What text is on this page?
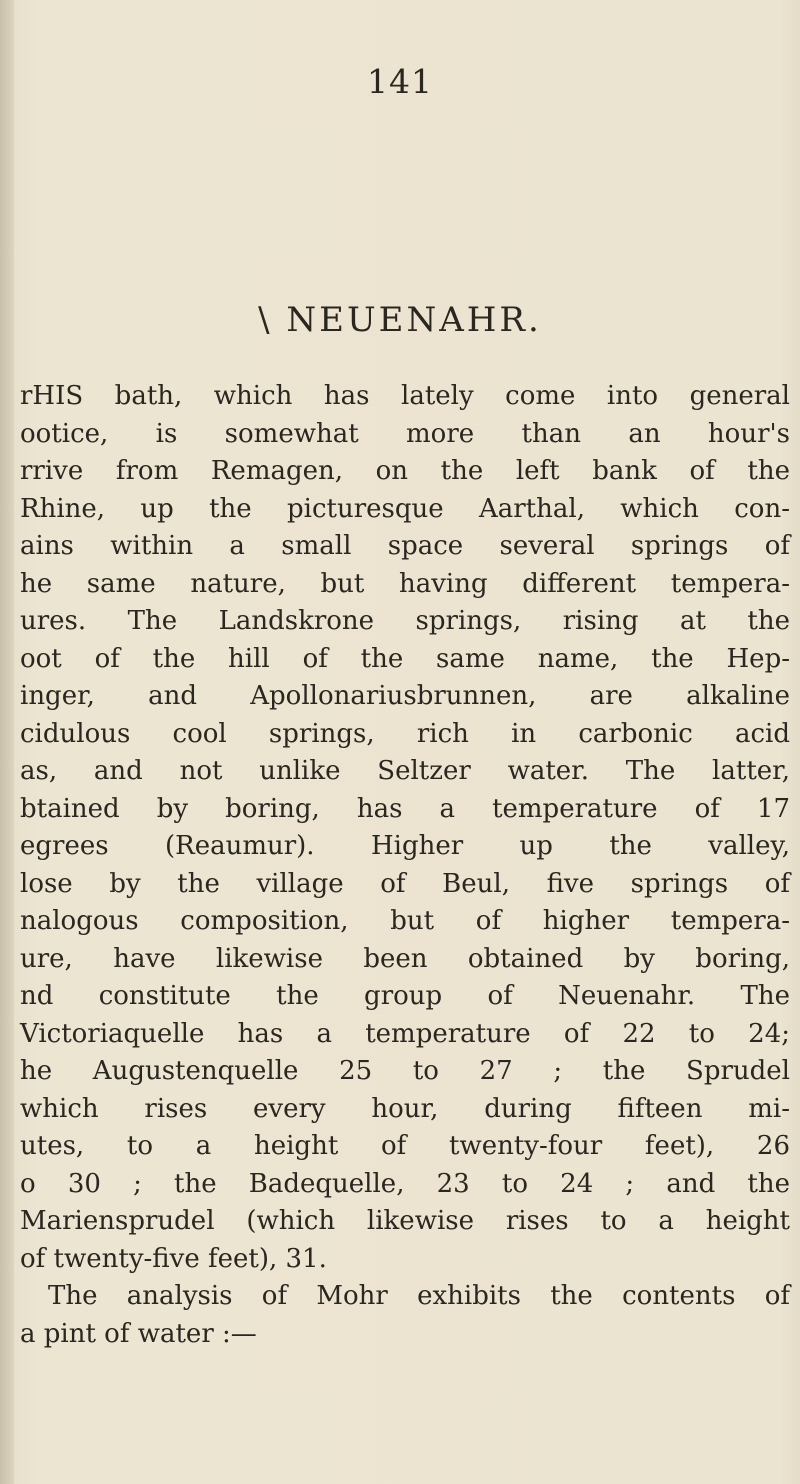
141
\ NEUENAHR.
rHIS bath, which has lately come into general
ootice, is somewhat more than an hour's
rrive from Remagen, on the left bank of the
Rhine, up the picturesque Aarthal, which con-
ains within a small space several springs of
he same nature, but having different tempera-
ures. The Landskrone springs, rising at the
oot of the hill of the same name, the Hep-
inger, and Apollonariusbrunnen, are alkaline
cidulous cool springs, rich in carbonic acid
as, and not unlike Seltzer water. The latter,
btained by boring, has a temperature of 17
egrees (Reaumur). Higher up the valley,
lose by the village of Beul, five springs of
nalogous composition, but of higher tempera-
ure, have likewise been obtained by boring,
nd constitute the group of Neuenahr. The
Victoriaquelle has a temperature of 22 to 24;
he Augustenquelle 25 to 27 ; the Sprudel
which rises every hour, during fifteen mi-
utes, to a height of twenty-four feet), 26
o 30 ; the Badequelle, 23 to 24 ; and the
Mariensprudel (which likewise rises to a height
of twenty-five feet), 31.
The analysis of Mohr exhibits the contents of
a pint of water :—
